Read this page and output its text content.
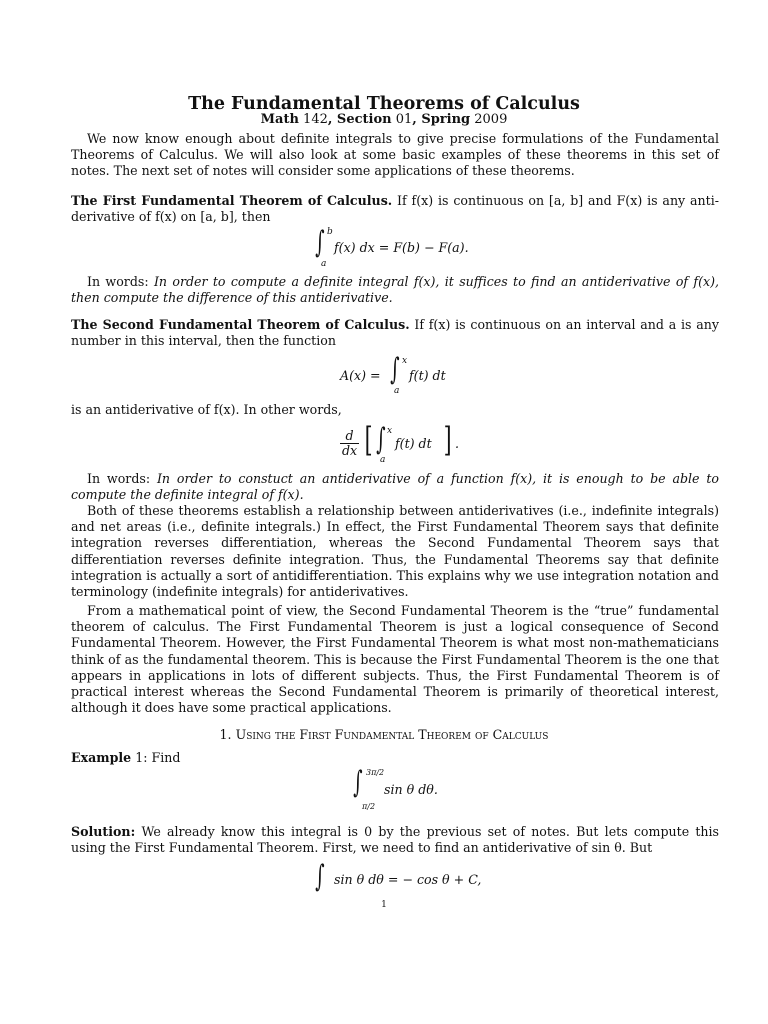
The Fundamental Theorems of Calculus

Math 142, Section 01, Spring 2009

We now know enough about definite integrals to give precise formulations of the Fundamental Theorems of Calculus. We will also look at some basic examples of these theorems in this set of notes. The next set of notes will consider some applications of these theorems.

The First Fundamental Theorem of Calculus. If f(x) is continuous on [a, b] and F(x) is any anti-derivative of f(x) on [a, b], then

∫ b
a
f(x) dx = F(b) − F(a).

In words: In order to compute a definite integral f(x), it suffices to find an antiderivative of f(x), then compute the difference of this antiderivative.

The Second Fundamental Theorem of Calculus. If f(x) is continuous on an interval and a is any number in this interval, then the function

A(x) = ∫ x
a
f(t) dt

is an antiderivative of f(x). In other words,

$\frac{d}{dx}$ [ ∫ x
a
f(t) dt ] .

In words: In order to constuct an antiderivative of a function f(x), it is enough to be able to compute the definite integral of f(x).

Both of these theorems establish a relationship between antiderivatives (i.e., indefinite integrals) and net areas (i.e., definite integrals.) In effect, the First Fundamental Theorem says that definite integration reverses differentiation, whereas the Second Fundamental Theorem says that differentiation reverses definite integration. Thus, the Fundamental Theorems say that definite integration is actually a sort of antidifferentiation. This explains why we use integration notation and terminology (indefinite integrals) for antiderivatives.

From a mathematical point of view, the Second Fundamental Theorem is the “true” fundamental theorem of calculus. The First Fundamental Theorem is just a logical consequence of Second Fundamental Theorem. However, the First Fundamental Theorem is what most non-mathematicians think of as the fundamental theorem. This is because the First Fundamental Theorem is the one that appears in applications in lots of different subjects. Thus, the First Fundamental Theorem is of practical interest whereas the Second Fundamental Theorem is primarily of theoretical interest, although it does have some practical applications.

1. Using the First Fundamental Theorem of Calculus

Example 1: Find

∫ 3π/2
π/2
sin θ dθ.

Solution: We already know this integral is 0 by the previous set of notes. But lets compute this using the First Fundamental Theorem. First, we need to find an antiderivative of sin θ. But

∫ sin θ dθ = − cos θ + C,
1
